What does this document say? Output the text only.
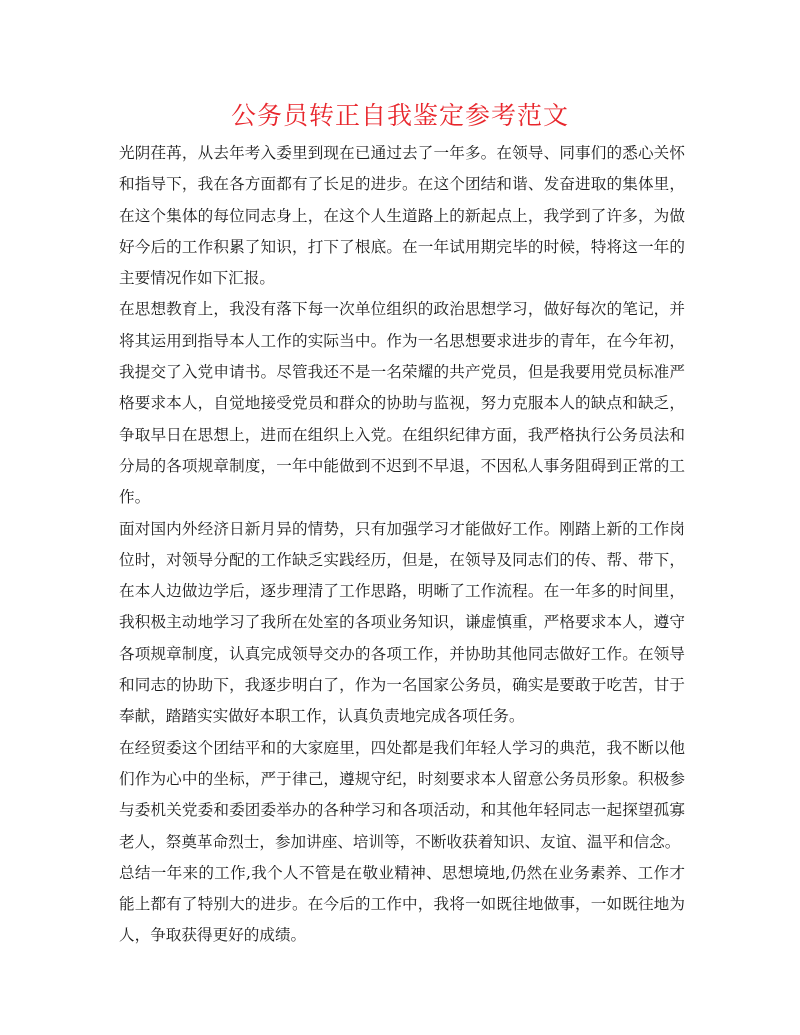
公务员转正自我鉴定参考范文

光阴荏苒，从去年考入委里到现在已通过去了一年多。在领导、同事们的悉心关怀和指导下，我在各方面都有了长足的进步。在这个团结和谐、发奋进取的集体里，在这个集体的每位同志身上，在这个人生道路上的新起点上，我学到了许多，为做好今后的工作积累了知识，打下了根底。在一年试用期完毕的时候，特将这一年的主要情况作如下汇报。

在思想教育上，我没有落下每一次单位组织的政治思想学习，做好每次的笔记，并将其运用到指导本人工作的实际当中。作为一名思想要求进步的青年，在今年初，我提交了入党申请书。尽管我还不是一名荣耀的共产党员，但是我要用党员标准严格要求本人，自觉地接受党员和群众的协助与监视，努力克服本人的缺点和缺乏，争取早日在思想上，进而在组织上入党。在组织纪律方面，我严格执行公务员法和分局的各项规章制度，一年中能做到不迟到不早退，不因私人事务阻碍到正常的工作。

面对国内外经济日新月异的情势，只有加强学习才能做好工作。刚踏上新的工作岗位时，对领导分配的工作缺乏实践经历，但是，在领导及同志们的传、帮、带下，在本人边做边学后，逐步理清了工作思路，明晰了工作流程。在一年多的时间里，我积极主动地学习了我所在处室的各项业务知识，谦虚慎重，严格要求本人，遵守各项规章制度，认真完成领导交办的各项工作，并协助其他同志做好工作。在领导和同志的协助下，我逐步明白了，作为一名国家公务员，确实是要敢于吃苦，甘于奉献，踏踏实实做好本职工作，认真负责地完成各项任务。

在经贸委这个团结平和的大家庭里，四处都是我们年轻人学习的典范，我不断以他们作为心中的坐标，严于律己，遵规守纪，时刻要求本人留意公务员形象。积极参与委机关党委和委团委举办的各种学习和各项活动，和其他年轻同志一起探望孤寡老人，祭奠革命烈士，参加讲座、培训等，不断收获着知识、友谊、温平和信念。

总结一年来的工作,我个人不管是在敬业精神、思想境地,仍然在业务素养、工作才能上都有了特别大的进步。在今后的工作中，我将一如既往地做事，一如既往地为人，争取获得更好的成绩。
